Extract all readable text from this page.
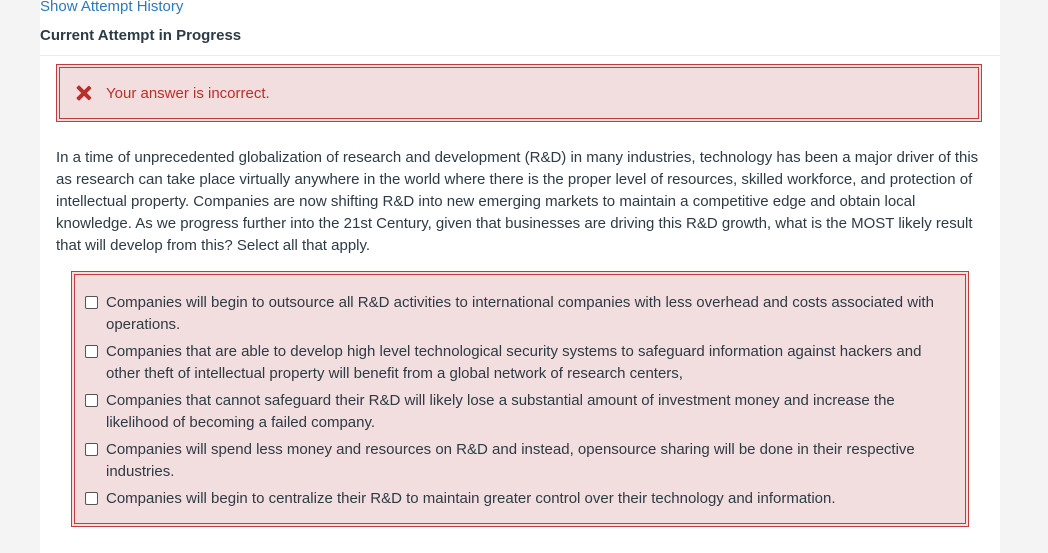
Show Attempt History
Current Attempt in Progress
Your answer is incorrect.
In a time of unprecedented globalization of research and development (R&D) in many industries, technology has been a major driver of this as research can take place virtually anywhere in the world where there is the proper level of resources, skilled workforce, and protection of intellectual property. Companies are now shifting R&D into new emerging markets to maintain a competitive edge and obtain local knowledge. As we progress further into the 21st Century, given that businesses are driving this R&D growth, what is the MOST likely result that will develop from this? Select all that apply.
Companies will begin to outsource all R&D activities to international companies with less overhead and costs associated with operations.
Companies that are able to develop high level technological security systems to safeguard information against hackers and other theft of intellectual property will benefit from a global network of research centers,
Companies that cannot safeguard their R&D will likely lose a substantial amount of investment money and increase the likelihood of becoming a failed company.
Companies will spend less money and resources on R&D and instead, opensource sharing will be done in their respective industries.
Companies will begin to centralize their R&D to maintain greater control over their technology and information.
